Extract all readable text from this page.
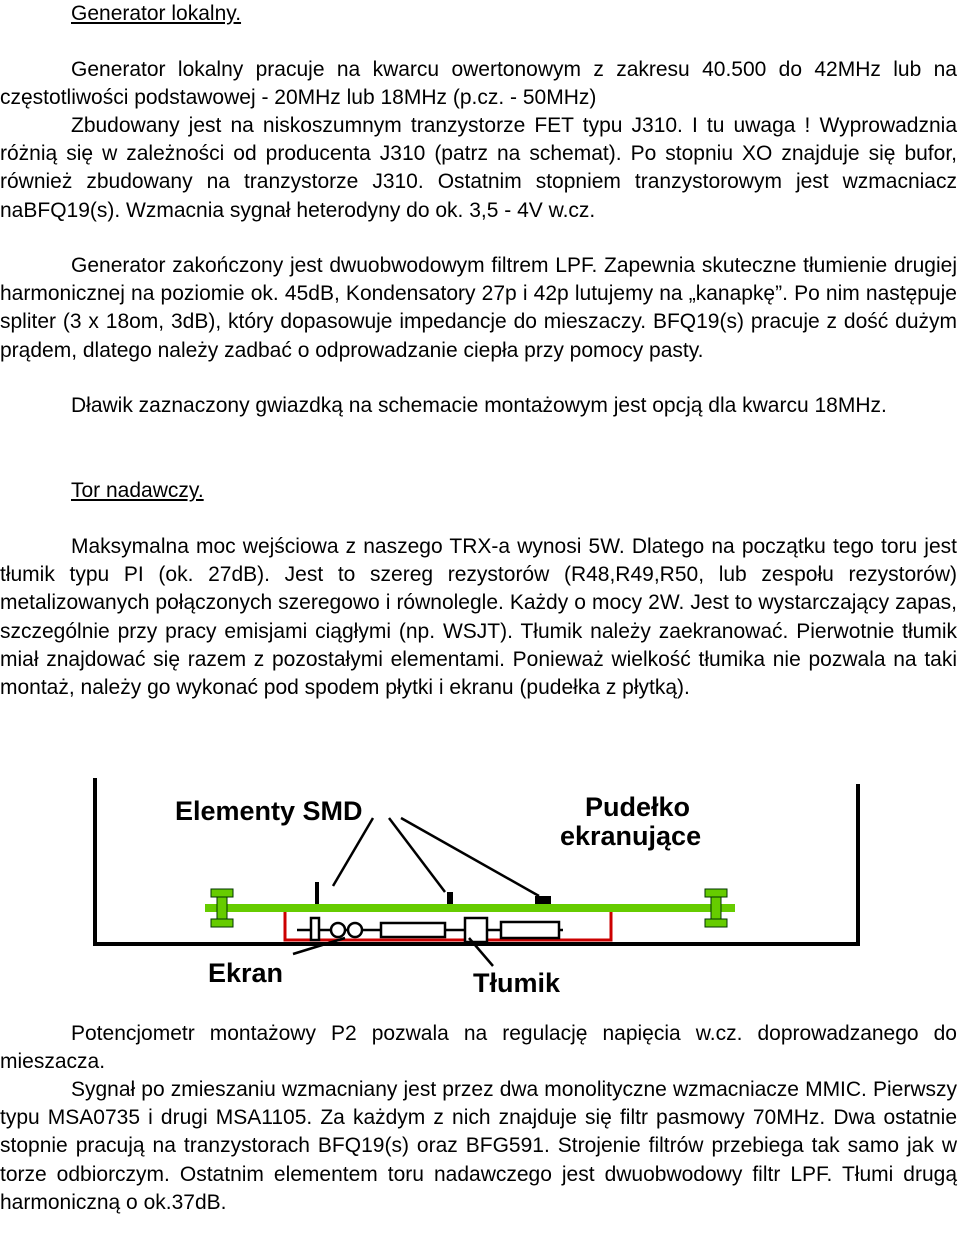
Generator lokalny.

Generator lokalny pracuje na kwarcu owertonowym z zakresu 40.500 do 42MHz lub na częstotliwości podstawowej - 20MHz lub 18MHz (p.cz. - 50MHz)

Zbudowany jest na niskoszumnym tranzystorze FET typu J310. I tu uwaga ! Wyprowadznia różnią się w zależności od producenta J310 (patrz na schemat). Po stopniu XO znajduje się bufor, również zbudowany na tranzystorze J310. Ostatnim stopniem tranzystorowym jest wzmacniacz naBFQ19(s). Wzmacnia sygnał heterodyny do ok. 3,5 - 4V w.cz.

Generator zakończony jest dwuobwodowym filtrem LPF. Zapewnia skuteczne tłumienie drugiej harmonicznej na poziomie ok. 45dB, Kondensatory 27p i 42p lutujemy na „kanapkę”. Po nim następuje spliter (3 x 18om, 3dB), który dopasowuje impedancje do mieszaczy. BFQ19(s) pracuje z dość dużym prądem, dlatego należy zadbać o odprowadzanie ciepła przy pomocy pasty.

Dławik zaznaczony gwiazdką na schemacie montażowym jest opcją dla kwarcu 18MHz.

Tor nadawczy.

Maksymalna moc wejściowa z naszego TRX-a wynosi 5W. Dlatego na początku tego toru jest tłumik typu PI (ok. 27dB). Jest to szereg rezystorów (R48,R49,R50, lub zespołu rezystorów) metalizowanych połączonych szeregowo i równolegle. Każdy o mocy 2W. Jest to wystarczający zapas, szczególnie przy pracy emisjami ciągłymi (np. WSJT). Tłumik należy zaekranować. Pierwotnie tłumik miał znajdować się razem z pozostałymi elementami. Ponieważ wielkość tłumika nie pozwala na taki montaż, należy go wykonać pod spodem płytki i ekranu (pudełka z płytką).

Elementy SMD	Pudełko
ekranujące
Ekran	Tłumik

Potencjometr montażowy P2 pozwala na regulację napięcia w.cz. doprowadzanego do mieszacza.

Sygnał po zmieszaniu wzmacniany jest przez dwa monolityczne wzmacniacze MMIC. Pierwszy typu MSA0735 i drugi MSA1105. Za każdym z nich znajduje się filtr pasmowy 70MHz. Dwa ostatnie stopnie pracują na tranzystorach BFQ19(s) oraz BFG591. Strojenie filtrów przebiega tak samo jak w torze odbiorczym. Ostatnim elementem toru nadawczego jest dwuobwodowy filtr LPF. Tłumi drugą harmoniczną o ok.37dB.
